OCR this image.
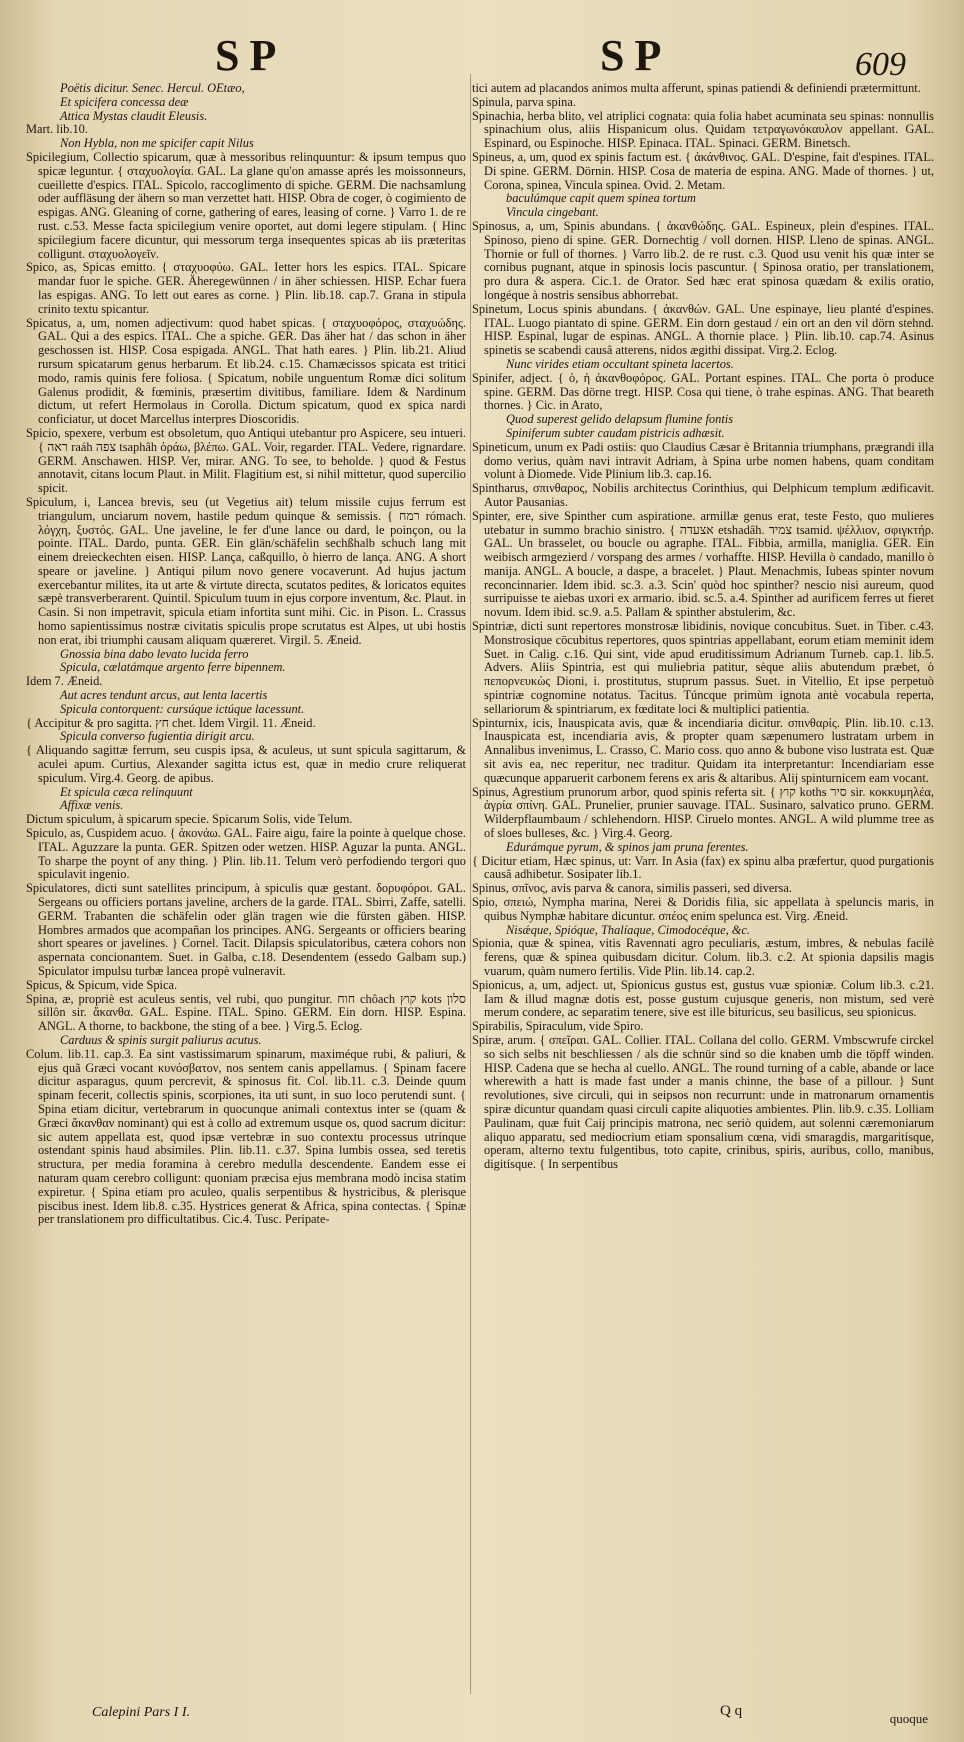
SP	SP	609

Poëtis dicitur. Senec. Hercul. OEtæo,

Et spicifera concessa deæ

Attica Mystas claudit Eleusis.

Mart. lib.10.

Non Hybla, non me spicifer capit Nilus

Spicilegium, Collectio spicarum, quæ à messoribus relinquuntur: & ipsum tempus quo spicæ leguntur. { σταχυολογία. GAL. La glane qu'on amasse aprés les moissonneurs, cueillette d'espics. ITAL. Spicolo, raccoglimento di spiche. GERM. Die nachsamlung oder auffläsung der ähern so man verzettet hatt. HISP. Obra de coger, ò cogimiento de espigas. ANG. Gleaning of corne, gathering of eares, leasing of corne. } Varro 1. de re rust. c.53. Messe facta spicilegium venire oportet, aut domi legere stipulam. { Hinc spicilegium facere dicuntur, qui messorum terga insequentes spicas ab iis præteritas colligunt. σταχυολογεῖν.

Spico, as, Spicas emitto. { σταχυοφύω. GAL. Ietter hors les espics. ITAL. Spicare mandar fuor le spiche. GER. Äheregewünnen / in äher schiessen. HISP. Echar fuera las espigas. ANG. To lett out eares as corne. } Plin. lib.18. cap.7. Grana in stipula crinito textu spicantur.

Spicatus, a, um, nomen adjectivum: quod habet spicas. { σταχυοφόρος, σταχυώδης. GAL. Qui a des espics. ITAL. Che a spiche. GER. Das äher hat / das schon in äher geschossen ist. HISP. Cosa espigada. ANGL. That hath eares. } Plin. lib.21. Aliud rursum spicatarum genus herbarum. Et lib.24. c.15. Chamæcissos spicata est tritici modo, ramis quinis fere foliosa. { Spicatum, nobile unguentum Romæ dici solitum Galenus prodidit, & fœminis, præsertim divitibus, familiare. Idem & Nardinum dictum, ut refert Hermolaus in Corolla. Dictum spicatum, quod ex spica nardi conficiatur, ut docet Marcellus interpres Dioscoridis.

Spicio, spexere, verbum est obsoletum, quo Antiqui utebantur pro Aspicere, seu intueri. { ראה raáh צפה tsaphâh ὁράω, βλέπω. GAL. Voir, regarder. ITAL. Vedere, rignardare. GERM. Anschawen. HISP. Ver, mirar. ANG. To see, to beholde. } quod & Festus annotavit, citans locum Plaut. in Milit. Flagitium est, si nihil mittetur, quod supercilio spicit.

Spiculum, i, Lancea brevis, seu (ut Vegetius ait) telum missile cujus ferrum est triangulum, unciarum novem, hastile pedum quinque & semissis. { רמח rómach. λόγχη, ξυστός. GAL. Une javeline, le fer d'une lance ou dard, le poinçon, ou la pointe. ITAL. Dardo, punta. GER. Ein glän/schäfelin sechßhalb schuch lang mit einem dreieckechten eisen. HISP. Lança, caßquillo, ò hierro de lança. ANG. A short speare or javeline. } Antiqui pilum novo genere vocaverunt. Ad hujus jactum exercebantur milites, ita ut arte & virtute directa, scutatos pedites, & loricatos equites sæpè transverberarent. Quintil. Spiculum tuum in ejus corpore inventum, &c. Plaut. in Casin. Si non impetravit, spicula etiam infortita sunt mihi. Cic. in Pison. L. Crassus homo sapientissimus nostræ civitatis spiculis prope scrutatus est Alpes, ut ubi hostis non erat, ibi triumphi causam aliquam quæreret. Virgil. 5. Æneid.

Gnossia bina dabo levato lucida ferro

Spicula, cælatámque argento ferre bipennem.

Idem 7. Æneid.

Aut acres tendunt arcus, aut lenta lacertis

Spicula contorquent: cursúque ictúque lacessunt.

{ Accipitur & pro sagitta. חץ chet. Idem Virgil. 11. Æneid.

Spicula converso fugientia dirigit arcu.

{ Aliquando sagittæ ferrum, seu cuspis ipsa, & aculeus, ut sunt spicula sagittarum, & aculei apum. Curtius, Alexander sagitta ictus est, quæ in medio crure reliquerat spiculum. Virg.4. Georg. de apibus.

Et spicula cæca relinquunt

Affixæ venis.

Dictum spiculum, à spicarum specie. Spicarum Solis, vide Telum.

Spiculo, as, Cuspidem acuo. { ἀκονάω. GAL. Faire aigu, faire la pointe à quelque chose. ITAL. Aguzzare la punta. GER. Spitzen oder wetzen. HISP. Aguzar la punta. ANGL. To sharpe the poynt of any thing. } Plin. lib.11. Telum verò perfodiendo tergori quo spiculavit ingenio.

Spiculatores, dicti sunt satellites principum, à spiculis quæ gestant. δορυφόροι. GAL. Sergeans ou officiers portans javeline, archers de la garde. ITAL. Sbirri, Zaffe, satelli. GERM. Trabanten die schäfelin oder glän tragen wie die fürsten gäben. HISP. Hombres armados que acompañan los principes. ANG. Sergeants or officiers bearing short speares or javelines. } Cornel. Tacit. Dilapsis spiculatoribus, cætera cohors non aspernata concionantem. Suet. in Galba, c.18. Desendentem (essedo Galbam sup.) Spiculator impulsu turbæ lancea propè vulneravit.

Spicus, & Spicum, vide Spica.

Spina, æ, propriè est aculeus sentis, vel rubi, quo pungitur. חוח chôach קוץ kots סלון sillôn sir. ἄκανθα. GAL. Espine. ITAL. Spino. GERM. Ein dorn. HISP. Espina. ANGL. A thorne, to backbone, the sting of a bee. } Virg.5. Eclog.

Carduus & spinis surgit paliurus acutus.

Colum. lib.11. cap.3. Ea sint vastissimarum spinarum, maximéque rubi, & paliuri, & ejus quã Græci vocant κυνόσβατον, nos sentem canis appellamus. { Spinam facere dicitur asparagus, quum percrevit, & spinosus fit. Col. lib.11. c.3. Deinde quum spinam fecerit, collectis spinis, scorpiones, ita uti sunt, in suo loco perutendi sunt. { Spina etiam dicitur, vertebrarum in quocunque animali contextus inter se (quam & Græci ἄκανθαν nominant) qui est à collo ad extremum usque os, quod sacrum dicitur: sic autem appellata est, quod ipsæ vertebræ in suo contextu processus utrinque ostendant spinis haud absimiles. Plin. lib.11. c.37. Spina lumbis ossea, sed teretis structura, per media foramina à cerebro medulla descendente. Eandem esse ei naturam quam cerebro colligunt: quoniam præcisa ejus membrana modò incisa statim expiretur. { Spina etiam pro aculeo, qualis serpentibus & hystricibus, & plerisque piscibus inest. Idem lib.8. c.35. Hystrices generat & Africa, spina contectas. { Spinæ per translationem pro difficultatibus. Cic.4. Tusc. Peripate-

tici autem ad placandos animos multa afferunt, spinas patiendi & definiendi prætermittunt.

Spinula, parva spina.

Spinachia, herba blito, vel atriplici cognata: quia folia habet acuminata seu spinas: nonnullis spinachium olus, aliis Hispanicum olus. Quidam τετραγωνόκαυλον appellant. GAL. Espinard, ou Espinoche. HISP. Epinaca. ITAL. Spinaci. GERM. Binetsch.

Spineus, a, um, quod ex spinis factum est. { ἀκάνθινος. GAL. D'espine, fait d'espines. ITAL. Di spine. GERM. Dörnin. HISP. Cosa de materia de espina. ANG. Made of thornes. } ut, Corona, spinea, Vincula spinea. Ovid. 2. Metam.

baculúmque capit quem spinea tortum

Vincula cingebant.

Spinosus, a, um, Spinis abundans. { ἀκανθώδης. GAL. Espineux, plein d'espines. ITAL. Spinoso, pieno di spine. GER. Dornechtig / voll dornen. HISP. Lleno de spinas. ANGL. Thornie or full of thornes. } Varro lib.2. de re rust. c.3. Quod usu venit his quæ inter se cornibus pugnant, atque in spinosis locis pascuntur. { Spinosa oratio, per translationem, pro dura & aspera. Cic.1. de Orator. Sed hæc erat spinosa quædam & exilis oratio, longéque à nostris sensibus abhorrebat.

Spinetum, Locus spinis abundans. { ἀκανθών. GAL. Une espinaye, lieu planté d'espines. ITAL. Luogo piantato di spine. GERM. Ein dorn gestaud / ein ort an den vil dörn stehnd. HISP. Espinal, lugar de espinas. ANGL. A thornie place. } Plin. lib.10. cap.74. Asinus spinetis se scabendi causâ atterens, nidos ægithi dissipat. Virg.2. Eclog.

Nunc virides etiam occultant spineta lacertos.

Spinifer, adject. { ὁ, ἡ ἀκανθοφόρος. GAL. Portant espines. ITAL. Che porta ò produce spine. GERM. Das dörne tregt. HISP. Cosa qui tiene, ò trahe espinas. ANG. That beareth thornes. } Cic. in Arato,

Quod superest gelido delapsum flumine fontis

Spiniferum subter caudam pistricis adhæsit.

Spineticum, unum ex Padi ostiis: quo Claudius Cæsar è Britannia triumphans, prægrandi illa domo verius, quàm navi intravit Adriam, à Spina urbe nomen habens, quam conditam volunt à Diomede. Vide Plinium lib.3. cap.16.

Spintharus, σπινθαρος, Nobilis architectus Corinthius, qui Delphicum templum ædificavit. Autor Pausanias.

Spinter, ere, sive Spinther cum aspiratione. armillæ genus erat, teste Festo, quo mulieres utebatur in summo brachio sinistro. { אצעדה etshadâh. צמיד tsamid. ψέλλιον, σφιγκτήρ. GAL. Un brasselet, ou boucle ou agraphe. ITAL. Fibbia, armilla, maniglia. GER. Ein weibisch armgezierd / vorspang des armes / vorhaffte. HISP. Hevilla ò candado, manillo ò manija. ANGL. A boucle, a daspe, a bracelet. } Plaut. Menachmis, Iubeas spinter novum reconcinnarier. Idem ibid. sc.3. a.3. Scin' quòd hoc spinther? nescio nisi aureum, quod surripuisse te aiebas uxori ex armario. ibid. sc.5. a.4. Spinther ad aurificem ferres ut fieret novum. Idem ibid. sc.9. a.5. Pallam & spinther abstulerim, &c.

Spintriæ, dicti sunt repertores monstrosæ libidinis, novique concubitus. Suet. in Tiber. c.43. Monstrosique cōcubitus repertores, quos spintrias appellabant, eorum etiam meminit idem Suet. in Calig. c.16. Qui sint, vide apud eruditissimum Adrianum Turneb. cap.1. lib.5. Advers. Aliis Spintria, est qui muliebria patitur, sèque aliis abutendum præbet, ὁ πεπορνευκὼς Dioni, i. prostitutus, stuprum passus. Suet. in Vitellio, Et ipse perpetuò spintriæ cognomine notatus. Tacitus. Túncque primùm ignota antè vocabula reperta, sellariorum & spintriarum, ex fœditate loci & multiplici patientia.

Spinturnix, icis, Inauspicata avis, quæ & incendiaria dicitur. σπινθαρίς. Plin. lib.10. c.13. Inauspicata est, incendiaria avis, & propter quam sæpenumero lustratam urbem in Annalibus invenimus, L. Crasso, C. Mario coss. quo anno & bubone viso lustrata est. Quæ sit avis ea, nec reperitur, nec traditur. Quidam ita interpretantur: Incendiariam esse quæcunque apparuerit carbonem ferens ex aris & altaribus. Alij spinturnicem eam vocant.

Spinus, Agrestium prunorum arbor, quod spinis referta sit. { קוץ koths סיר sir. κοκκυμηλέα, ἀγρία σπίνη. GAL. Prunelier, prunier sauvage. ITAL. Susinaro, salvatico pruno. GERM. Wilderpflaumbaum / schlehendorn. HISP. Ciruelo montes. ANGL. A wild plumme tree as of sloes bulleses, &c. } Virg.4. Georg.

Edurámque pyrum, & spinos jam pruna ferentes.

{ Dicitur etiam, Hæc spinus, ut: Varr. In Asia (fax) ex spinu alba præfertur, quod purgationis causâ adhibetur. Sosipater lib.1.

Spinus, σπῖνος, avis parva & canora, similis passeri, sed diversa.

Spio, σπειώ, Nympha marina, Nerei & Doridis filia, sic appellata à speluncis maris, in quibus Nymphæ habitare dicuntur. σπέος enim spelunca est. Virg. Æneid.

Nisǽque, Spióque, Thalíaque, Cimodocéque, &c.

Spionia, quæ & spinea, vitis Ravennati agro peculiaris, æstum, imbres, & nebulas facilè ferens, quæ & spinea quibusdam dicitur. Colum. lib.3. c.2. At spionia dapsilis magis vuarum, quàm numero fertilis. Vide Plin. lib.14. cap.2.

Spionicus, a, um, adject. ut, Spionicus gustus est, gustus vuæ spioniæ. Colum lib.3. c.21. Iam & illud magnæ dotis est, posse gustum cujusque generis, non mistum, sed verè merum condere, ac separatim tenere, sive est ille bituricus, seu basilicus, seu spionicus.

Spirabilis, Spiraculum, vide Spiro.

Spiræ, arum. { σπεῖραι. GAL. Collier. ITAL. Collana del collo. GERM. Vmbscwrufe circkel so sich selbs nit beschliessen / als die schnür sind so die knaben umb die töpff winden. HISP. Cadena que se hecha al cuello. ANGL. The round turning of a cable, abande or lace wherewith a hatt is made fast under a manis chinne, the base of a pillour. } Sunt revolutiones, sive circuli, qui in seipsos non recurrunt: unde in matronarum ornamentis spiræ dicuntur quandam quasi circuli capite aliquoties ambientes. Plin. lib.9. c.35. Lolliam Paulinam, quæ fuit Caij principis matrona, nec seriò quidem, aut solenni cæremoniarum aliquo apparatu, sed mediocrium etiam sponsalium cœna, vidi smaragdis, margaritísque, operam, alterno textu fulgentibus, toto capite, crinibus, spiris, auribus, collo, manibus, digitísque. { In serpentibus

Calepini Pars I I.	Q q	quoque
